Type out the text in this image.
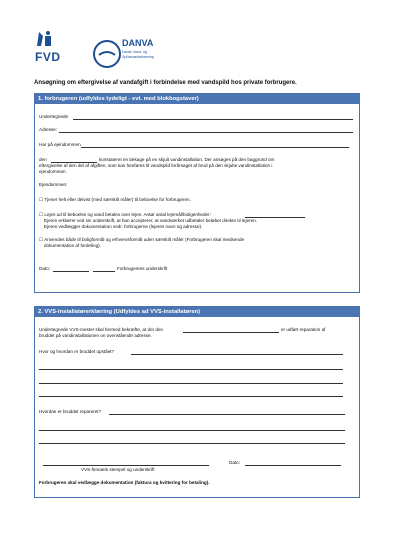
FVD
DANVA
Dansk Vand- og
Spildevandsforening
Ansøgning om eftergivelse af vandafgift i forbindelse med vandspild hos private forbrugere.
1. forbrugeren (udfyldes tydeligt - evt. med blokbogstaver)
Undertegnede
Adresse:
Har på ejendommen
den	konstateret en lækage på en skjult vandinstallation. Der ansøges på den baggrund om
eftergivelse af den del af afgiften, som kan henføres til vandspild forårsaget af brud på den skjulte vandinstallation i
ejendommen.
Ejendommen:
☐ Tjener helt eller delvist (med særskilt måler) til beboelse for forbrugeren.
☐ Lejes ud til beboelse og vand betales over lejen. Antør antal lejemål/boligenheder:
Ejeren erklærer ved sin underskrift, at han accepterer, at vandværket udbetaler beløbet direkte til lejeren.
Ejeren vedlægger dokumentation vedr. forbrugerne (lejeres navn og adresse).
☐ Anvendes både til boligformål og erhvervsformål uden særskilt måler (Forbrugeren skal medsende
dokumentation af fordeling).
Dato:	Forbrugerens underskrift
2. VVS-installatørerklæring (Udfyldes ad VVS-installatøren)
Undertegnede VVS-mester skal hermed bekræfte, at der den	er udført reparation af
bruddet på vandinstallationen on ovenstående adresse.
Hvor og hvordan er bruddet opstået?
Hvordan er bruddet repareret?
Dato:
VVS-firmaets stempel og underskrift
Forbrugeren skal vedlægge dokumentation (faktura og kvittering for betaling).
